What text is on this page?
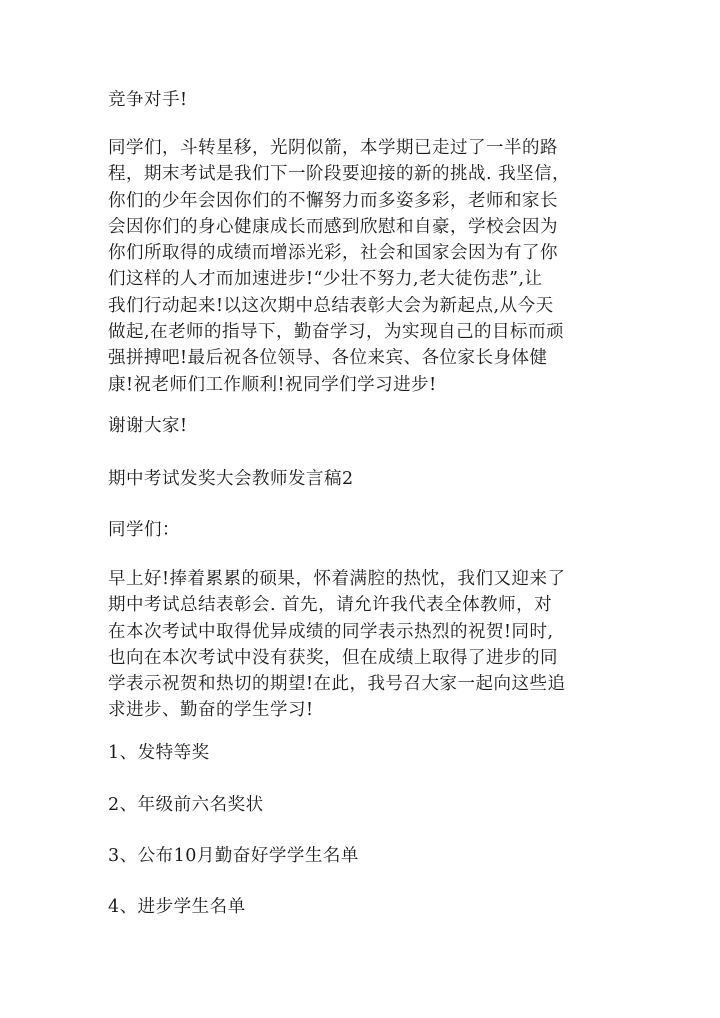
竞争对手!

同学们，斗转星移，光阴似箭，本学期已走过了一半的路
程，期末考试是我们下一阶段要迎接的新的挑战. 我坚信，
你们的少年会因你们的不懈努力而多姿多彩，老师和家长
会因你们的身心健康成长而感到欣慰和自豪，学校会因为
你们所取得的成绩而增添光彩，社会和国家会因为有了你
们这样的人才而加速进步!“少壮不努力,老大徒伤悲”,让
我们行动起来!以这次期中总结表彰大会为新起点,从今天
做起,在老师的指导下，勤奋学习，为实现自己的目标而顽
强拼搏吧!最后祝各位领导、各位来宾、各位家长身体健
康!祝老师们工作顺利!祝同学们学习进步!

谢谢大家!

期中考试发奖大会教师发言稿2

同学们：

早上好!捧着累累的硕果，怀着满腔的热忱，我们又迎来了
期中考试总结表彰会. 首先，请允许我代表全体教师，对
在本次考试中取得优异成绩的同学表示热烈的祝贺!同时,
也向在本次考试中没有获奖，但在成绩上取得了进步的同
学表示祝贺和热切的期望!在此，我号召大家一起向这些追
求进步、勤奋的学生学习!

1、发特等奖

2、年级前六名奖状

3、公布10月勤奋好学学生名单

4、进步学生名单
